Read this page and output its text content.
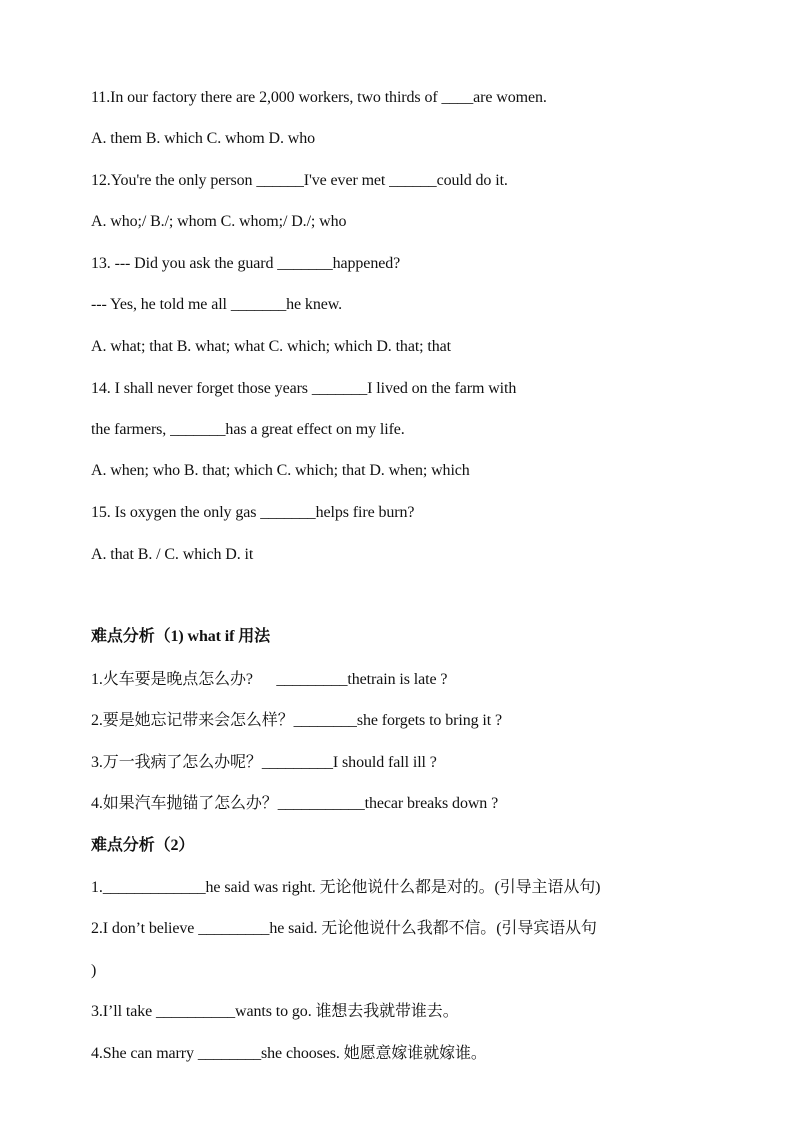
11.In our factory there are 2,000 workers, two thirds of ____are women.
A. them B. which C. whom D. who
12.You're the only person ______I've ever met ______could do it.
A. who;/ B./; whom C. whom;/ D./; who
13. --- Did you ask the guard _______happened?
--- Yes, he told me all _______he knew.
A. what; that B. what; what C. which; which D. that; that
14. I shall never forget those years _______I lived on the farm with
the farmers, _______has a great effect on my life.
A. when; who B. that; which C. which; that D. when; which
15. Is oxygen the only gas _______helps fire burn?
A. that B. / C. which D. it
难点分析（1) what if 用法
1.火车要是晚点怎么办?      _________thetrain is late ?
2.要是她忘记带来会怎么样？________she forgets to bring it ?
3.万一我病了怎么办呢？_________I should fall ill ?
4.如果汽车抛锚了怎么办？___________thecar breaks down ?
难点分析（2）
1._____________he said was right. 无论他说什么都是对的。(引导主语从句)
2.I don’t believe _________he said. 无论他说什么我都不信。(引导宾语从句
)
3.I’ll take __________wants to go. 谁想去我就带谁去。
4.She can marry ________she chooses. 她愿意嫁谁就嫁谁。
